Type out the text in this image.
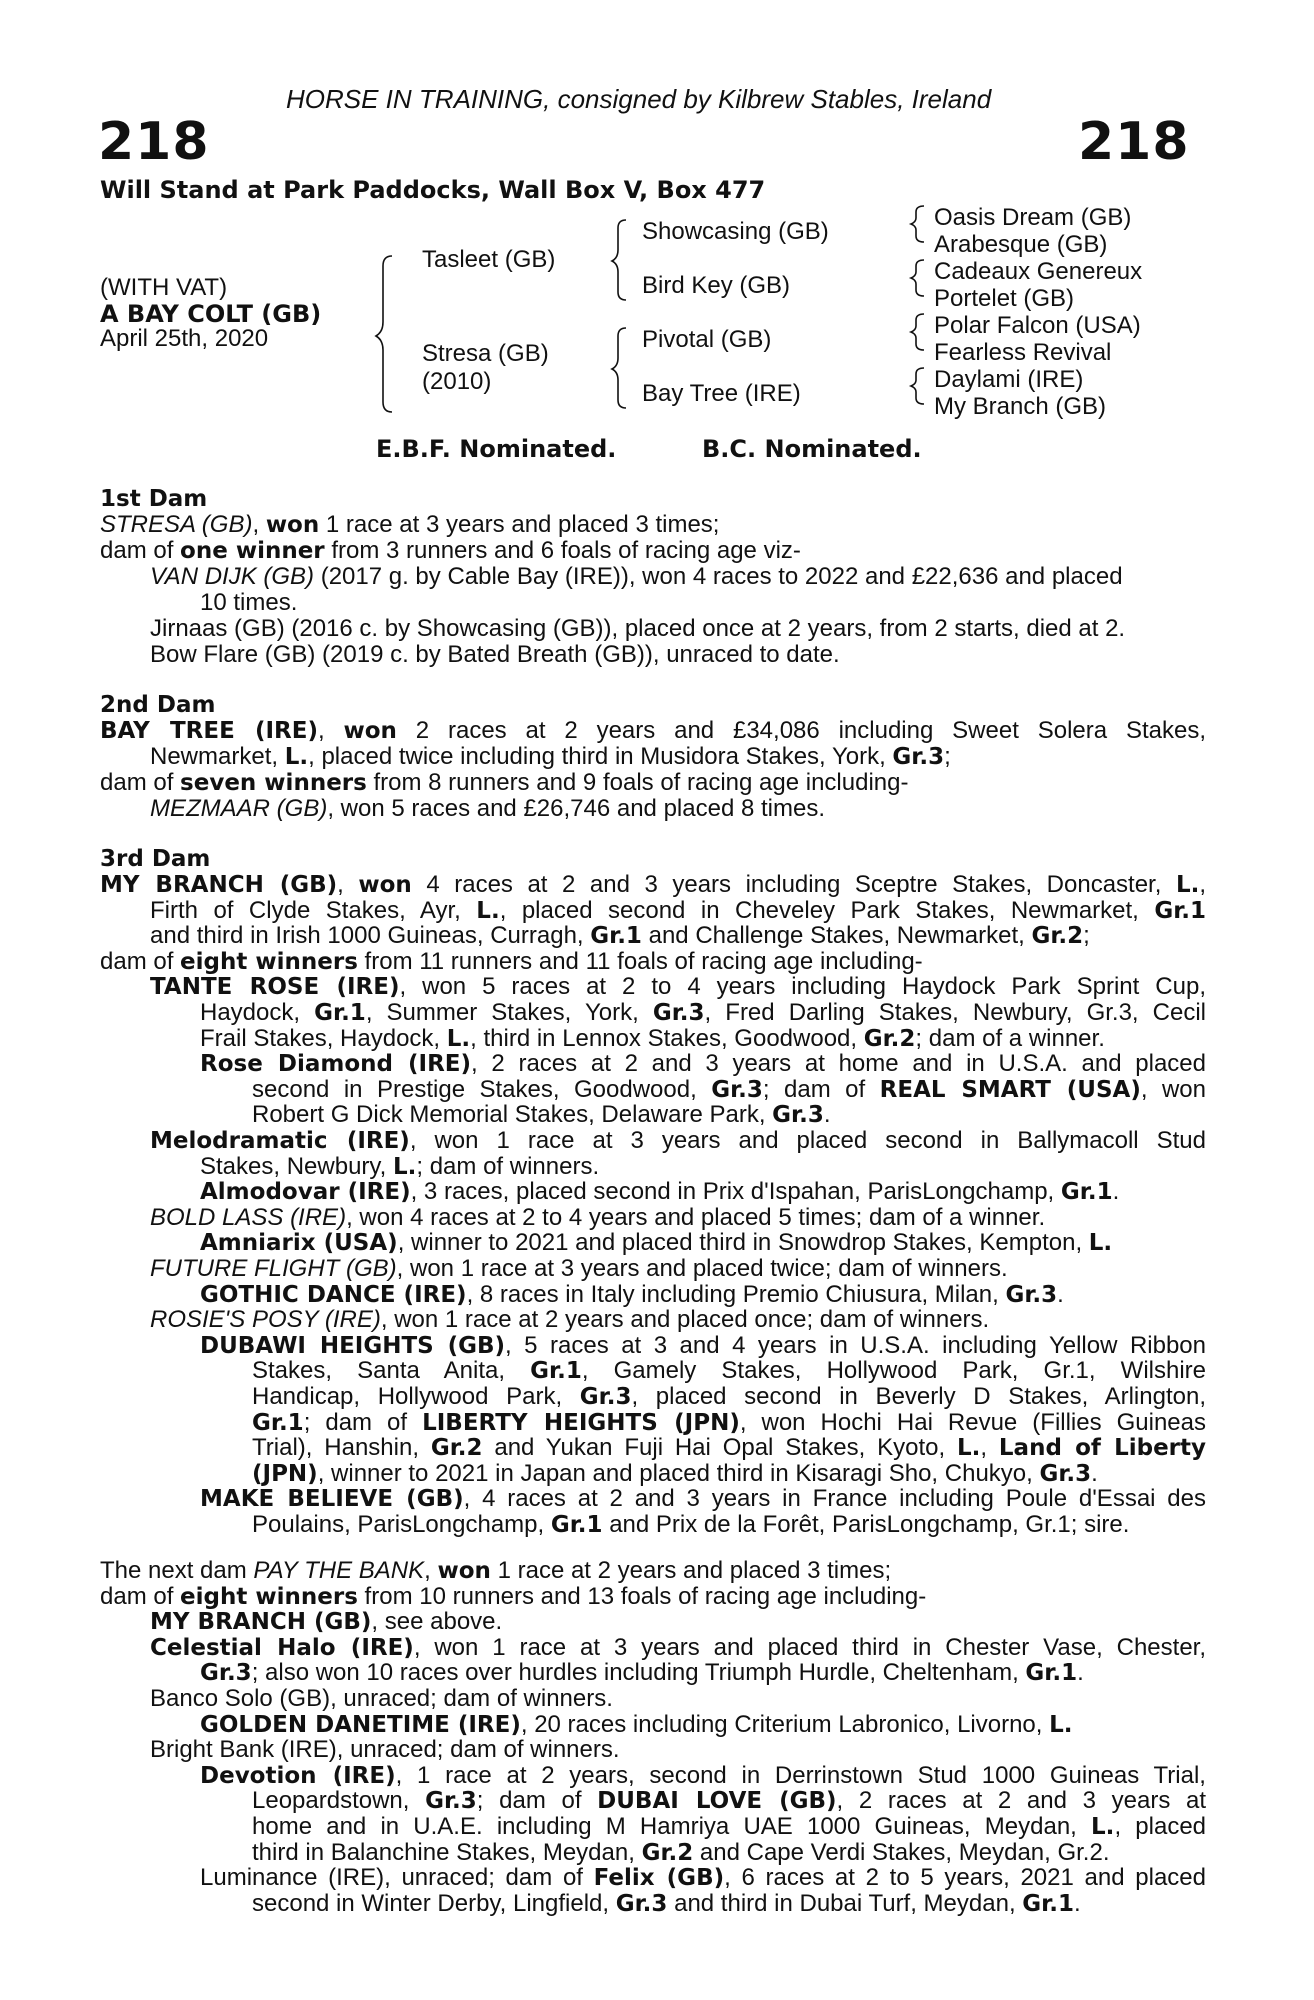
HORSE IN TRAINING, consigned by Kilbrew Stables, Ireland
218	218
Will Stand at Park Paddocks, Wall Box V, Box 477
(WITH VAT)
A BAY COLT (GB)
April 25th, 2020
Tasleet (GB)
Stresa (GB)
(2010)
Showcasing (GB)
Bird Key (GB)
Pivotal (GB)
Bay Tree (IRE)
Oasis Dream (GB)
Arabesque (GB)
Cadeaux Genereux
Portelet (GB)
Polar Falcon (USA)
Fearless Revival
Daylami (IRE)
My Branch (GB)
E.B.F. Nominated.	B.C. Nominated.
1st Dam
STRESA (GB), won 1 race at 3 years and placed 3 times;
dam of one winner from 3 runners and 6 foals of racing age viz-
VAN DIJK (GB) (2017 g. by Cable Bay (IRE)), won 4 races to 2022 and £22,636 and placed
10 times.
Jirnaas (GB) (2016 c. by Showcasing (GB)), placed once at 2 years, from 2 starts, died at 2.
Bow Flare (GB) (2019 c. by Bated Breath (GB)), unraced to date.
2nd Dam
BAY TREE (IRE), won 2 races at 2 years and £34,086 including Sweet Solera Stakes,
Newmarket, L., placed twice including third in Musidora Stakes, York, Gr.3;
dam of seven winners from 8 runners and 9 foals of racing age including-
MEZMAAR (GB), won 5 races and £26,746 and placed 8 times.
3rd Dam
MY BRANCH (GB), won 4 races at 2 and 3 years including Sceptre Stakes, Doncaster, L.,
Firth of Clyde Stakes, Ayr, L., placed second in Cheveley Park Stakes, Newmarket, Gr.1
and third in Irish 1000 Guineas, Curragh, Gr.1 and Challenge Stakes, Newmarket, Gr.2;
dam of eight winners from 11 runners and 11 foals of racing age including-
TANTE ROSE (IRE), won 5 races at 2 to 4 years including Haydock Park Sprint Cup,
Haydock, Gr.1, Summer Stakes, York, Gr.3, Fred Darling Stakes, Newbury, Gr.3, Cecil
Frail Stakes, Haydock, L., third in Lennox Stakes, Goodwood, Gr.2; dam of a winner.
Rose Diamond (IRE), 2 races at 2 and 3 years at home and in U.S.A. and placed
second in Prestige Stakes, Goodwood, Gr.3; dam of REAL SMART (USA), won
Robert G Dick Memorial Stakes, Delaware Park, Gr.3.
Melodramatic (IRE), won 1 race at 3 years and placed second in Ballymacoll Stud
Stakes, Newbury, L.; dam of winners.
Almodovar (IRE), 3 races, placed second in Prix d'Ispahan, ParisLongchamp, Gr.1.
BOLD LASS (IRE), won 4 races at 2 to 4 years and placed 5 times; dam of a winner.
Amniarix (USA), winner to 2021 and placed third in Snowdrop Stakes, Kempton, L.
FUTURE FLIGHT (GB), won 1 race at 3 years and placed twice; dam of winners.
GOTHIC DANCE (IRE), 8 races in Italy including Premio Chiusura, Milan, Gr.3.
ROSIE'S POSY (IRE), won 1 race at 2 years and placed once; dam of winners.
DUBAWI HEIGHTS (GB), 5 races at 3 and 4 years in U.S.A. including Yellow Ribbon
Stakes, Santa Anita, Gr.1, Gamely Stakes, Hollywood Park, Gr.1, Wilshire
Handicap, Hollywood Park, Gr.3, placed second in Beverly D Stakes, Arlington,
Gr.1; dam of LIBERTY HEIGHTS (JPN), won Hochi Hai Revue (Fillies Guineas
Trial), Hanshin, Gr.2 and Yukan Fuji Hai Opal Stakes, Kyoto, L., Land of Liberty
(JPN), winner to 2021 in Japan and placed third in Kisaragi Sho, Chukyo, Gr.3.
MAKE BELIEVE (GB), 4 races at 2 and 3 years in France including Poule d'Essai des
Poulains, ParisLongchamp, Gr.1 and Prix de la Forêt, ParisLongchamp, Gr.1; sire.
The next dam PAY THE BANK, won 1 race at 2 years and placed 3 times;
dam of eight winners from 10 runners and 13 foals of racing age including-
MY BRANCH (GB), see above.
Celestial Halo (IRE), won 1 race at 3 years and placed third in Chester Vase, Chester,
Gr.3; also won 10 races over hurdles including Triumph Hurdle, Cheltenham, Gr.1.
Banco Solo (GB), unraced; dam of winners.
GOLDEN DANETIME (IRE), 20 races including Criterium Labronico, Livorno, L.
Bright Bank (IRE), unraced; dam of winners.
Devotion (IRE), 1 race at 2 years, second in Derrinstown Stud 1000 Guineas Trial,
Leopardstown, Gr.3; dam of DUBAI LOVE (GB), 2 races at 2 and 3 years at
home and in U.A.E. including M Hamriya UAE 1000 Guineas, Meydan, L., placed
third in Balanchine Stakes, Meydan, Gr.2 and Cape Verdi Stakes, Meydan, Gr.2.
Luminance (IRE), unraced; dam of Felix (GB), 6 races at 2 to 5 years, 2021 and placed
second in Winter Derby, Lingfield, Gr.3 and third in Dubai Turf, Meydan, Gr.1.
